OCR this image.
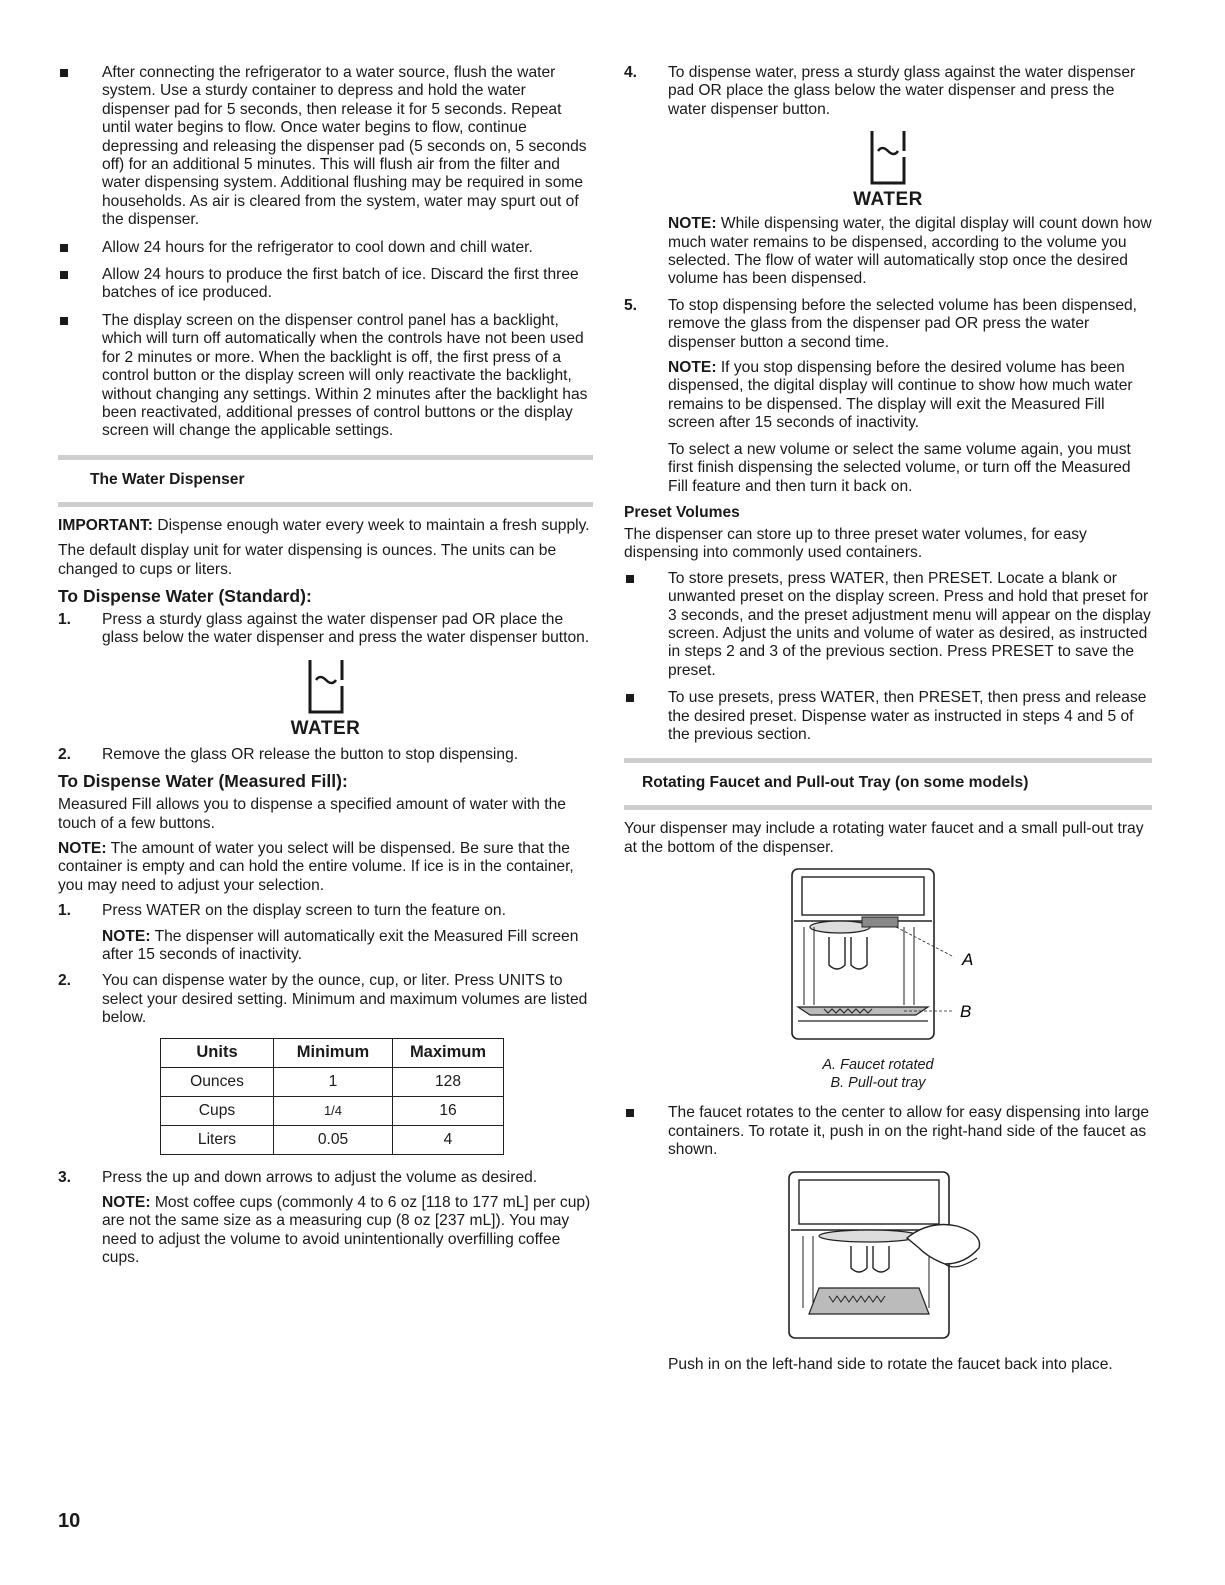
After connecting the refrigerator to a water source, flush the water system. Use a sturdy container to depress and hold the water dispenser pad for 5 seconds, then release it for 5 seconds. Repeat until water begins to flow. Once water begins to flow, continue depressing and releasing the dispenser pad (5 seconds on, 5 seconds off) for an additional 5 minutes. This will flush air from the filter and water dispensing system. Additional flushing may be required in some households. As air is cleared from the system, water may spurt out of the dispenser.

Allow 24 hours for the refrigerator to cool down and chill water.

Allow 24 hours to produce the first batch of ice. Discard the first three batches of ice produced.

The display screen on the dispenser control panel has a backlight, which will turn off automatically when the controls have not been used for 2 minutes or more. When the backlight is off, the first press of a control button or the display screen will only reactivate the backlight, without changing any settings. Within 2 minutes after the backlight has been reactivated, additional presses of control buttons or the display screen will change the applicable settings.

The Water Dispenser

IMPORTANT: Dispense enough water every week to maintain a fresh supply.

The default display unit for water dispensing is ounces. The units can be changed to cups or liters.

To Dispense Water (Standard):

1. Press a sturdy glass against the water dispenser pad OR place the glass below the water dispenser and press the water dispenser button.
WATER
2. Remove the glass OR release the button to stop dispensing.

To Dispense Water (Measured Fill):

Measured Fill allows you to dispense a specified amount of water with the touch of a few buttons.

NOTE: The amount of water you select will be dispensed. Be sure that the container is empty and can hold the entire volume. If ice is in the container, you may need to adjust your selection.

1. Press WATER on the display screen to turn the feature on.

NOTE: The dispenser will automatically exit the Measured Fill screen after 15 seconds of inactivity.

2. You can dispense water by the ounce, cup, or liter. Press UNITS to select your desired setting. Minimum and maximum volumes are listed below.
Units	Minimum	Maximum
Ounces	1	128
Cups	1/4	16
Liters	0.05	4
3. Press the up and down arrows to adjust the volume as desired.

NOTE: Most coffee cups (commonly 4 to 6 oz [118 to 177 mL] per cup) are not the same size as a measuring cup (8 oz [237 mL]). You may need to adjust the volume to avoid unintentionally overfilling coffee cups.

4. To dispense water, press a sturdy glass against the water dispenser pad OR place the glass below the water dispenser and press the water dispenser button.
WATER

NOTE: While dispensing water, the digital display will count down how much water remains to be dispensed, according to the volume you selected. The flow of water will automatically stop once the desired volume has been dispensed.

5. To stop dispensing before the selected volume has been dispensed, remove the glass from the dispenser pad OR press the water dispenser button a second time.

NOTE: If you stop dispensing before the desired volume has been dispensed, the digital display will continue to show how much water remains to be dispensed. The display will exit the Measured Fill screen after 15 seconds of inactivity.

To select a new volume or select the same volume again, you must first finish dispensing the selected volume, or turn off the Measured Fill feature and then turn it back on.

Preset Volumes

The dispenser can store up to three preset water volumes, for easy dispensing into commonly used containers.

To store presets, press WATER, then PRESET. Locate a blank or unwanted preset on the display screen. Press and hold that preset for 3 seconds, and the preset adjustment menu will appear on the display screen. Adjust the units and volume of water as desired, as instructed in steps 2 and 3 of the previous section. Press PRESET to save the preset.

To use presets, press WATER, then PRESET, then press and release the desired preset. Dispense water as instructed in steps 4 and 5 of the previous section.

Rotating Faucet and Pull-out Tray (on some models)

Your dispenser may include a rotating water faucet and a small pull-out tray at the bottom of the dispenser.

A
B
A. Faucet rotated
B. Pull-out tray

The faucet rotates to the center to allow for easy dispensing into large containers. To rotate it, push in on the right-hand side of the faucet as shown.

Push in on the left-hand side to rotate the faucet back into place.

10
